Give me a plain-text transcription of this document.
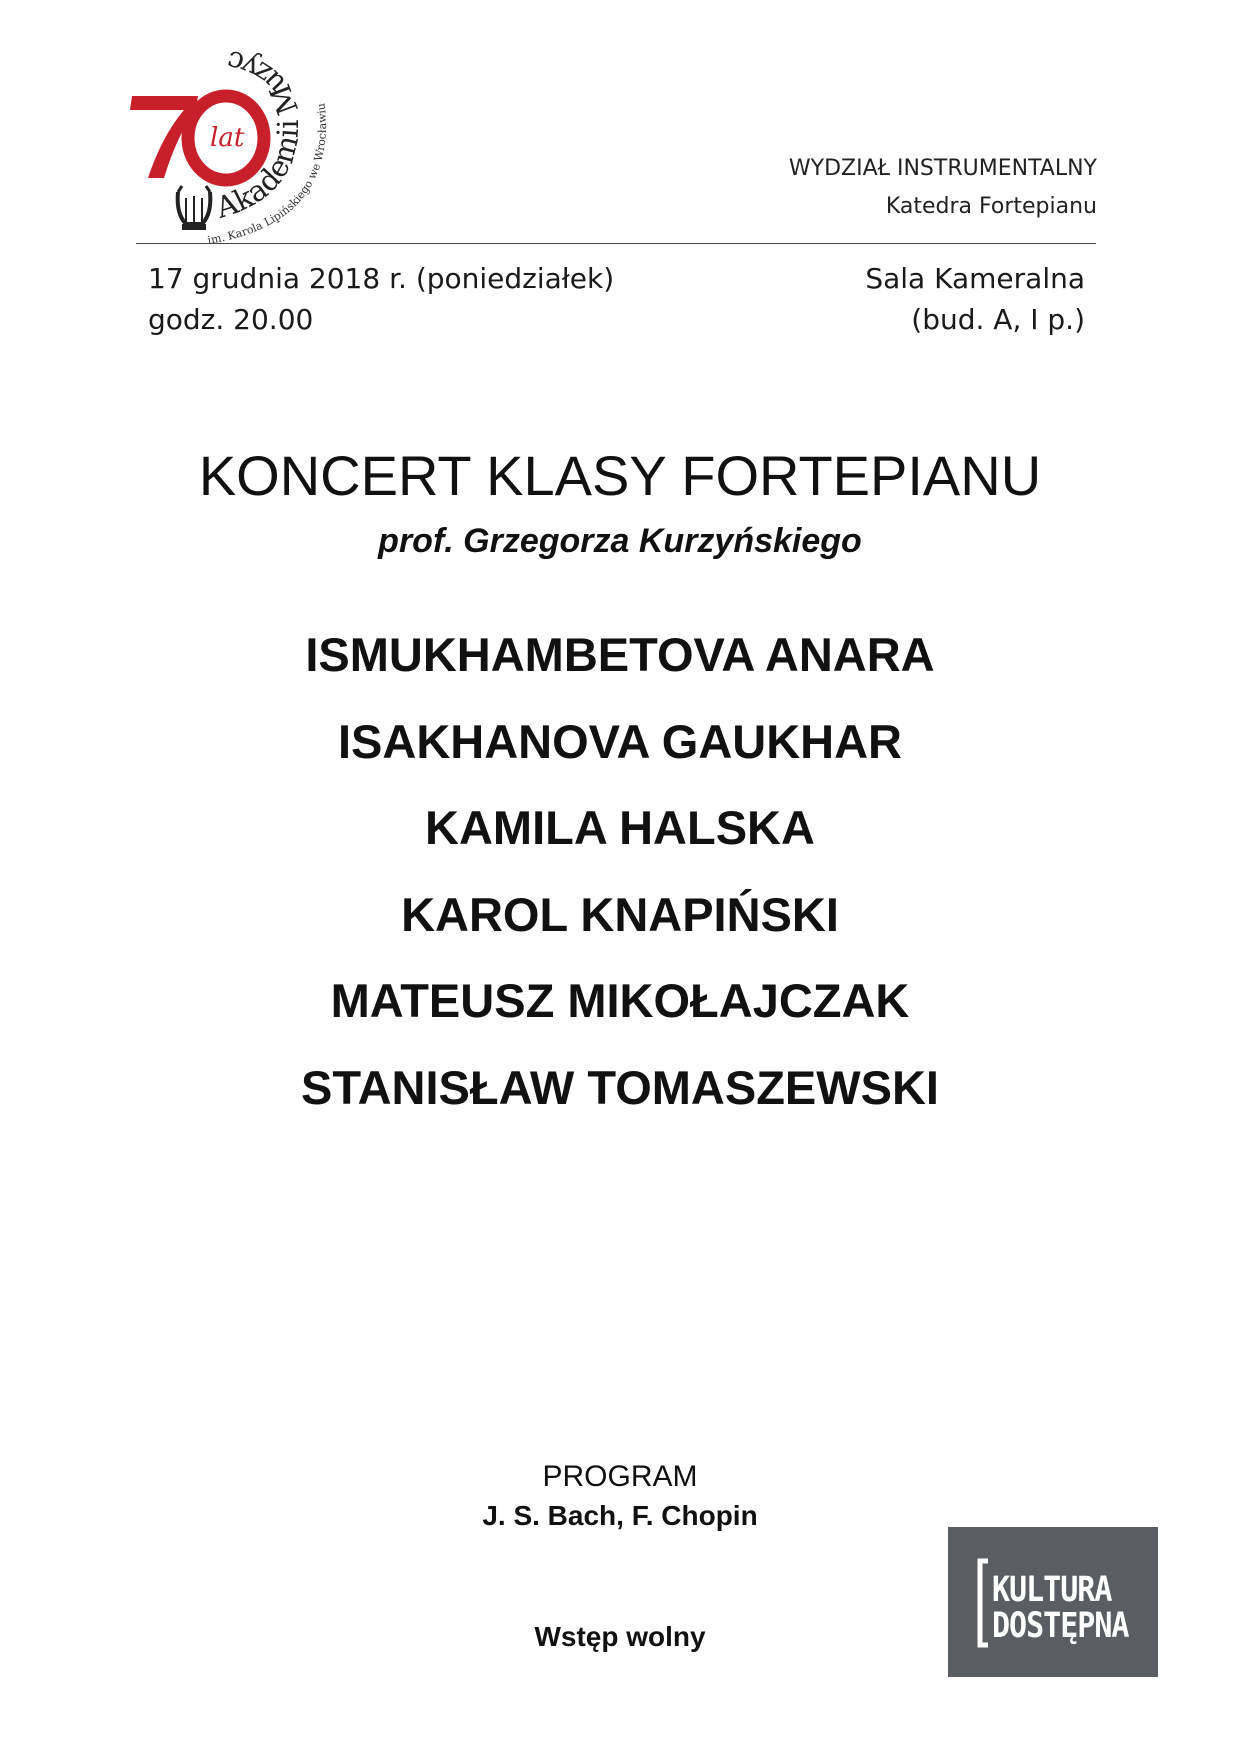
lat
Akademii Muzycznej
im. Karola Lipińskiego we Wrocławiu
WYDZIAŁ INSTRUMENTALNY
Katedra Fortepianu
17 grudnia 2018 r. (poniedziałek)
godz. 20.00
Sala Kameralna
(bud. A, I p.)
KONCERT KLASY FORTEPIANU
prof. Grzegorza Kurzyńskiego
ISMUKHAMBETOVA ANARA
ISAKHANOVA GAUKHAR
KAMILA HALSKA
KAROL KNAPIŃSKI
MATEUSZ MIKOŁAJCZAK
STANISŁAW TOMASZEWSKI
PROGRAM
J. S. Bach, F. Chopin
Wstęp wolny
KULTURA
DOSTĘPNA
